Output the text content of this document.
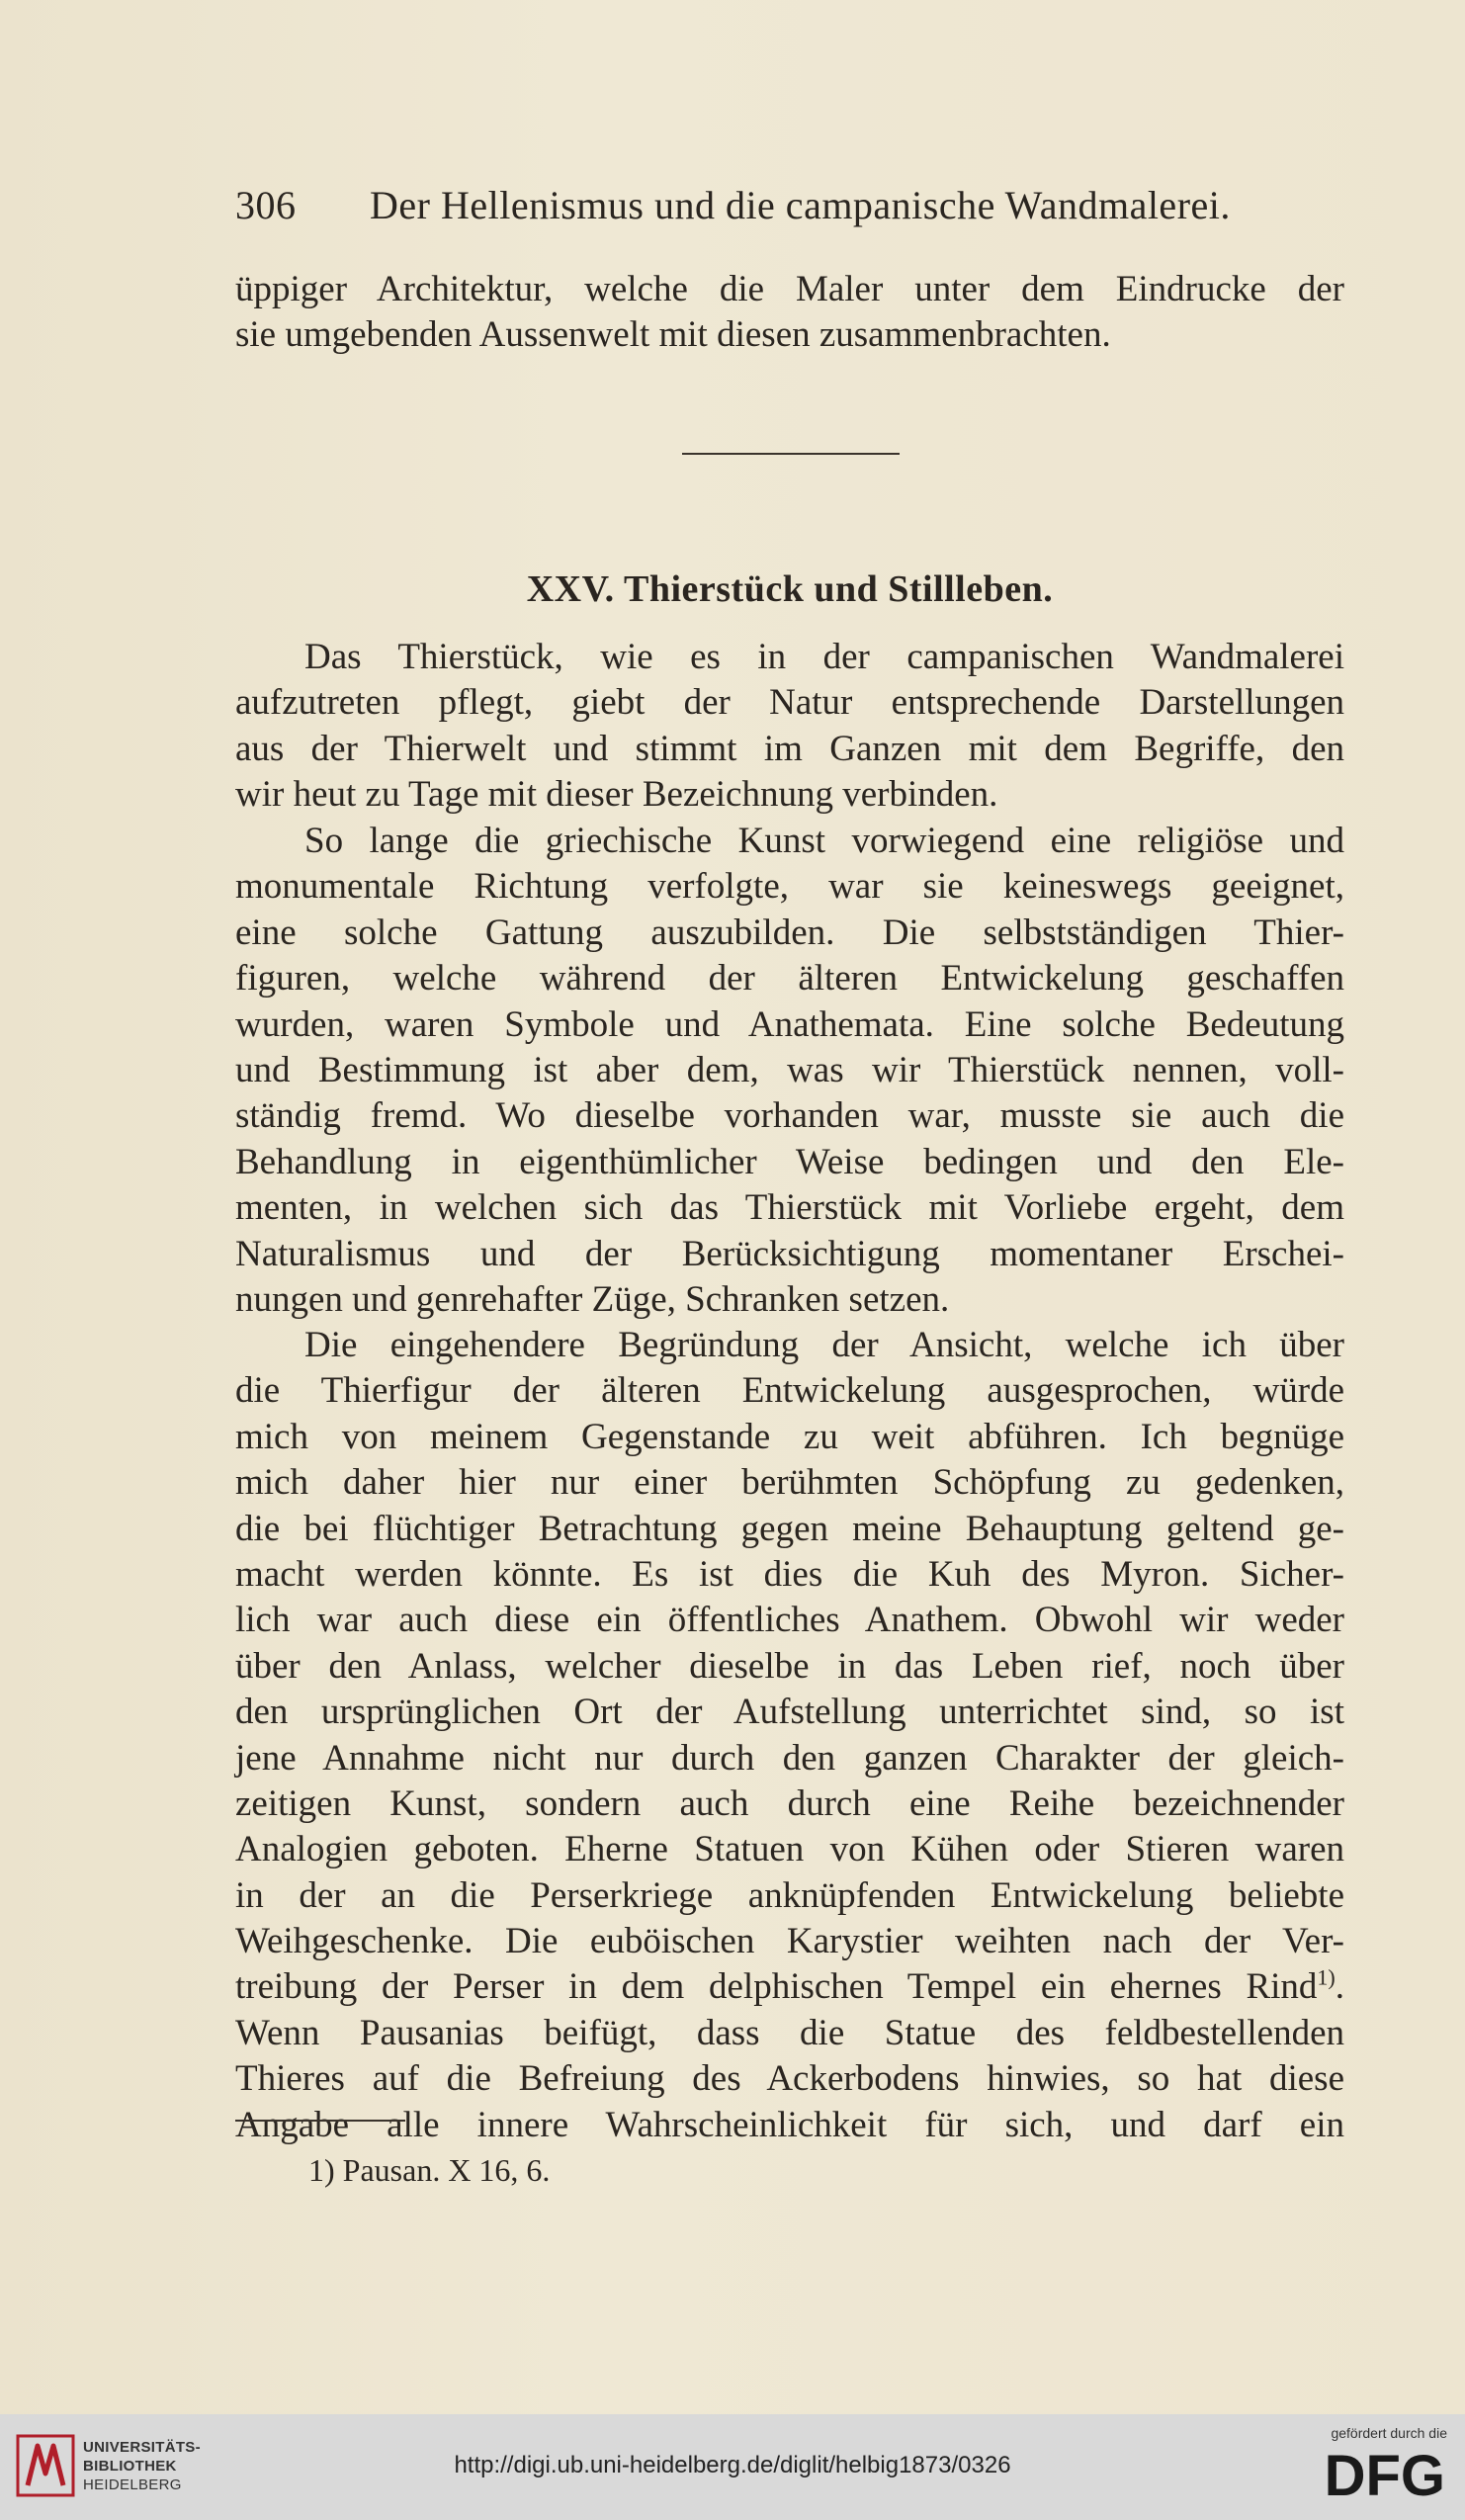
306 Der Hellenismus und die campanische Wandmalerei.
üppiger Architektur, welche die Maler unter dem Eindrucke der
sie umgebenden Aussenwelt mit diesen zusammenbrachten.
XXV. Thierstück und Stillleben.
Das Thierstück, wie es in der campanischen Wandmalerei
aufzutreten pflegt, giebt der Natur entsprechende Darstellungen
aus der Thierwelt und stimmt im Ganzen mit dem Begriffe, den
wir heut zu Tage mit dieser Bezeichnung verbinden.
So lange die griechische Kunst vorwiegend eine religiöse und
monumentale Richtung verfolgte, war sie keineswegs geeignet,
eine solche Gattung auszubilden. Die selbstständigen Thier-
figuren, welche während der älteren Entwickelung geschaffen
wurden, waren Symbole und Anathemata. Eine solche Bedeutung
und Bestimmung ist aber dem, was wir Thierstück nennen, voll-
ständig fremd. Wo dieselbe vorhanden war, musste sie auch die
Behandlung in eigenthümlicher Weise bedingen und den Ele-
menten, in welchen sich das Thierstück mit Vorliebe ergeht, dem
Naturalismus und der Berücksichtigung momentaner Erschei-
nungen und genrehafter Züge, Schranken setzen.
Die eingehendere Begründung der Ansicht, welche ich über
die Thierfigur der älteren Entwickelung ausgesprochen, würde
mich von meinem Gegenstande zu weit abführen. Ich begnüge
mich daher hier nur einer berühmten Schöpfung zu gedenken,
die bei flüchtiger Betrachtung gegen meine Behauptung geltend ge-
macht werden könnte. Es ist dies die Kuh des Myron. Sicher-
lich war auch diese ein öffentliches Anathem. Obwohl wir weder
über den Anlass, welcher dieselbe in das Leben rief, noch über
den ursprünglichen Ort der Aufstellung unterrichtet sind, so ist
jene Annahme nicht nur durch den ganzen Charakter der gleich-
zeitigen Kunst, sondern auch durch eine Reihe bezeichnender
Analogien geboten. Eherne Statuen von Kühen oder Stieren waren
in der an die Perserkriege anknüpfenden Entwickelung beliebte
Weihgeschenke. Die euböischen Karystier weihten nach der Ver-
treibung der Perser in dem delphischen Tempel ein ehernes Rind$^{1)}$.
Wenn Pausanias beifügt, dass die Statue des feldbestellenden
Thieres auf die Befreiung des Ackerbodens hinwies, so hat diese
Angabe alle innere Wahrscheinlichkeit für sich, und darf ein
1) Pausan. X 16, 6.
UNIVERSITÄTS-
BIBLIOTHEK
HEIDELBERG
http://digi.ub.uni-heidelberg.de/diglit/helbig1873/0326
gefördert durch die
DFG
